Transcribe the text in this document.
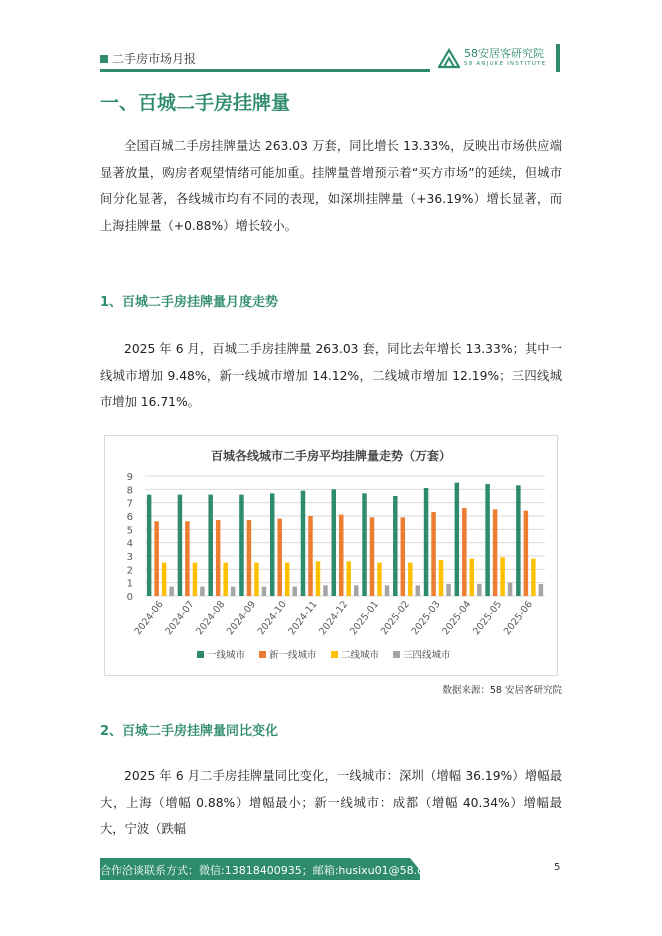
二手房市场月报	58安居客研究院
58 ANJUKE INSTITUTE
一、百城二手房挂牌量

全国百城二手房挂牌量达 263.03 万套，同比增长 13.33%，反映出市场供应端显著放量，购房者观望情绪可能加重。挂牌量普增预示着“买方市场”的延续，但城市间分化显著，各线城市均有不同的表现，如深圳挂牌量（+36.19%）增长显著，而上海挂牌量（+0.88%）增长较小。

1、百城二手房挂牌量月度走势

2025 年 6 月，百城二手房挂牌量 263.03 套，同比去年增长 13.33%；其中一线城市增加 9.48%，新一线城市增加 14.12%，二线城市增加 12.19%；三四线城市增加 16.71%。

百城各线城市二手房平均挂牌量走势（万套）
0
1
2
3
4
5
6
7
8
9
2024-06
2024-07
2024-08
2024-09
2024-10
2024-11
2024-12
2025-01
2025-02
2025-03
2025-04
2025-05
2025-06
一线城市	新一线城市	二线城市	三四线城市
数据来源：58 安居客研究院
2、百城二手房挂牌量同比变化

2025 年 6 月二手房挂牌量同比变化，一线城市：深圳（增幅 36.19%）增幅最大，上海（增幅 0.88%）增幅最小；新一线城市：成都（增幅 40.34%）增幅最大，宁波（跌幅

合作洽谈联系方式：微信:13818400935；邮箱:husixu01@58.com;	5
